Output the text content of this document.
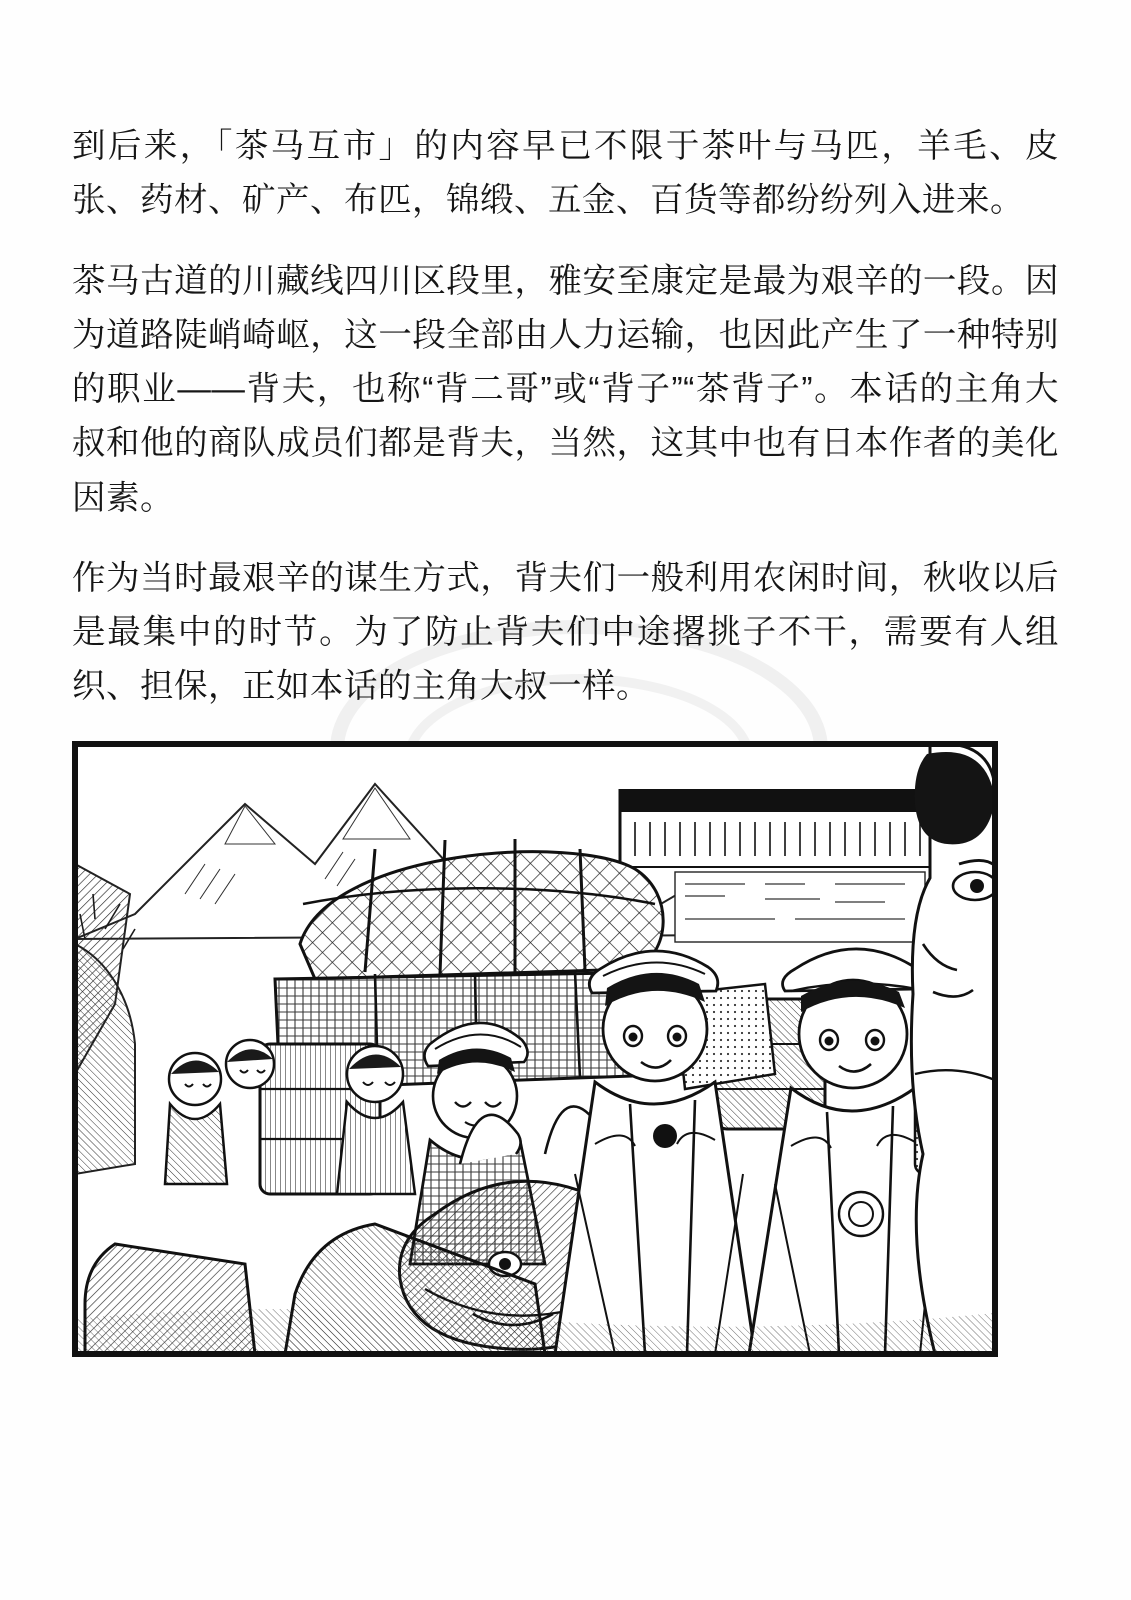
到后来，「茶马互市」的内容早已不限于茶叶与马匹，羊毛、皮张、药材、矿产、布匹，锦缎、五金、百货等都纷纷列入进来。

茶马古道的川藏线四川区段里，雅安至康定是最为艰辛的一段。因为道路陡峭崎岖，这一段全部由人力运输，也因此产生了一种特别的职业——背夫，也称“背二哥”或“背子”“茶背子”。本话的主角大叔和他的商队成员们都是背夫，当然，这其中也有日本作者的美化因素。

作为当时最艰辛的谋生方式，背夫们一般利用农闲时间，秋收以后是最集中的时节。为了防止背夫们中途撂挑子不干，需要有人组织、担保，正如本话的主角大叔一样。
